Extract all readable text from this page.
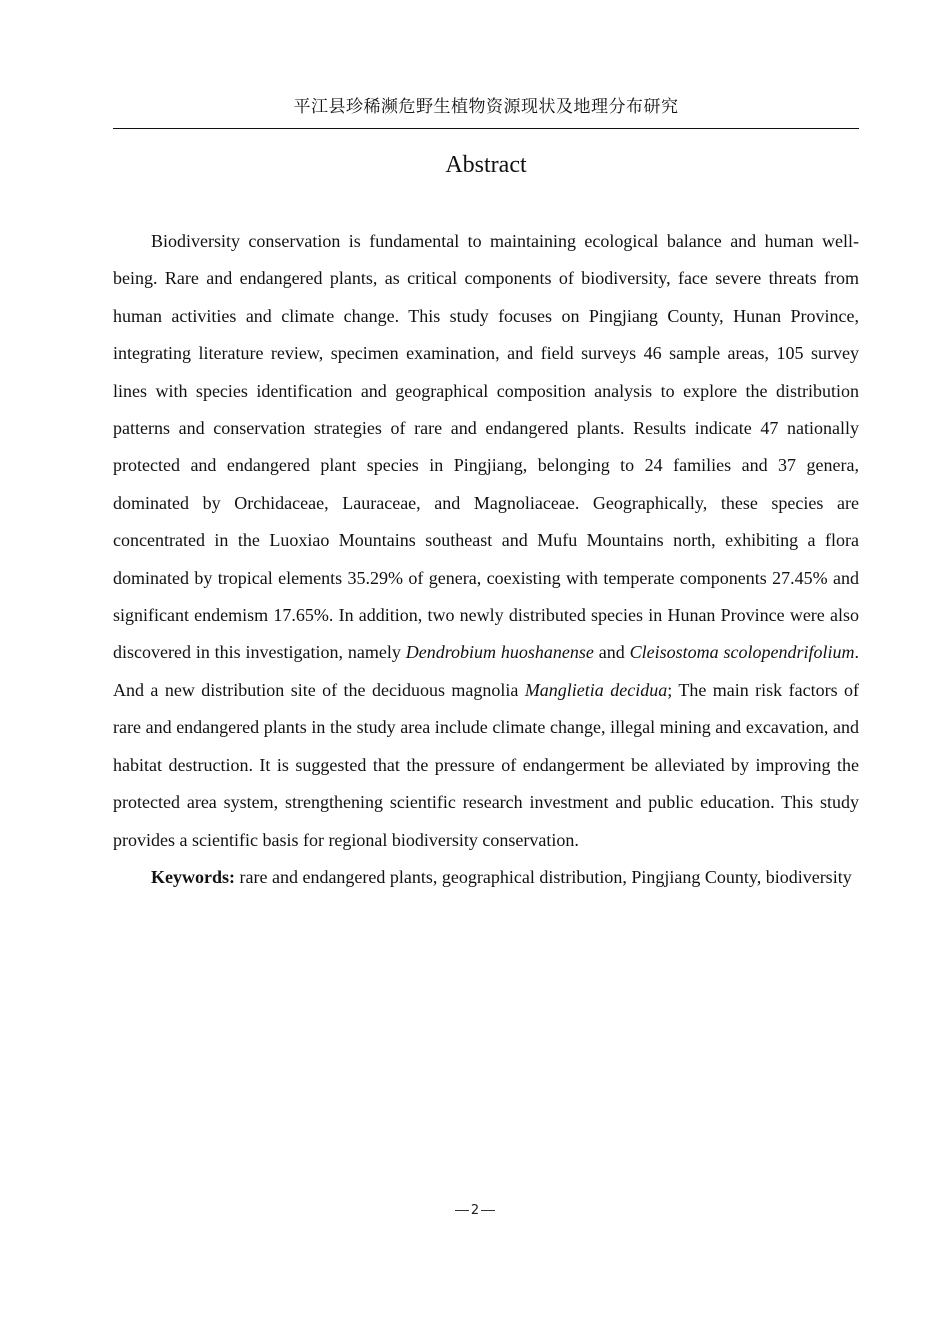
平江县珍稀濒危野生植物资源现状及地理分布研究
Abstract

Biodiversity conservation is fundamental to maintaining ecological balance and human well-being. Rare and endangered plants, as critical components of biodiversity, face severe threats from human activities and climate change. This study focuses on Pingjiang County, Hunan Province, integrating literature review, specimen examination, and field surveys 46 sample areas, 105 survey lines with species identification and geographical composition analysis to explore the distribution patterns and conservation strategies of rare and endangered plants. Results indicate 47 nationally protected and endangered plant species in Pingjiang, belonging to 24 families and 37 genera, dominated by Orchidaceae, Lauraceae, and Magnoliaceae. Geographically, these species are concentrated in the Luoxiao Mountains southeast and Mufu Mountains north, exhibiting a flora dominated by tropical elements 35.29% of genera, coexisting with temperate components 27.45% and significant endemism 17.65%. In addition, two newly distributed species in Hunan Province were also discovered in this investigation, namely Dendrobium huoshanense and Cleisostoma scolopendrifolium. And a new distribution site of the deciduous magnolia Manglietia decidua; The main risk factors of rare and endangered plants in the study area include climate change, illegal mining and excavation, and habitat destruction. It is suggested that the pressure of endangerment be alleviated by improving the protected area system, strengthening scientific research investment and public education. This study provides a scientific basis for regional biodiversity conservation.

Keywords: rare and endangered plants, geographical distribution, Pingjiang County, biodiversity

2
